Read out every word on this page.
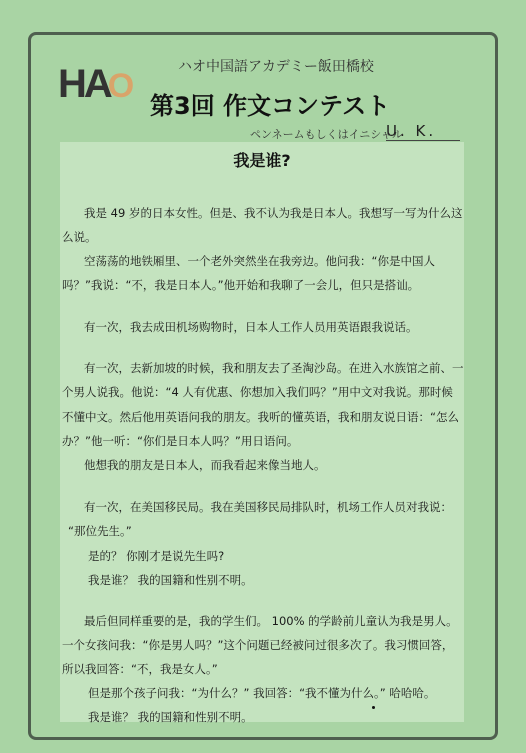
HAO	ハオ中国語アカデミー飯田橋校
第3回 作文コンテスト
ペンネームもしくはイニシャル
U. K.
我是谁?
我是 49 岁的日本女性。但是、我不认为我是日本人。我想写一写为什么这
么说。
空荡荡的地铁厢里、一个老外突然坐在我旁边。他问我：“你是中国人
吗？”我说：“不，我是日本人。”他开始和我聊了一会儿，但只是搭讪。
有一次，我去成田机场购物时，日本人工作人员用英语跟我说话。
有一次，去新加坡的时候，我和朋友去了圣淘沙岛。在进入水族馆之前、一
个男人说我。他说：“4 人有优惠、你想加入我们吗？”用中文对我说。那时候
不懂中文。然后他用英语问我的朋友。我听的懂英语，我和朋友说日语：“怎么
办？”他一听：“你们是日本人吗？”用日语问。
他想我的朋友是日本人，而我看起来像当地人。
有一次，在美国移民局。我在美国移民局排队时，机场工作人员对我说：
“那位先生。”
是的？ 你刚才是说先生吗?
我是谁？ 我的国籍和性别不明。
最后但同样重要的是，我的学生们。 100% 的学龄前儿童认为我是男人。
一个女孩问我：“你是男人吗？”这个问题已经被问过很多次了。我习惯回答，
所以我回答：“不，我是女人。”
但是那个孩子问我：“为什么？” 我回答：“我不懂为什么。” 哈哈哈。
我是谁？ 我的国籍和性别不明。
